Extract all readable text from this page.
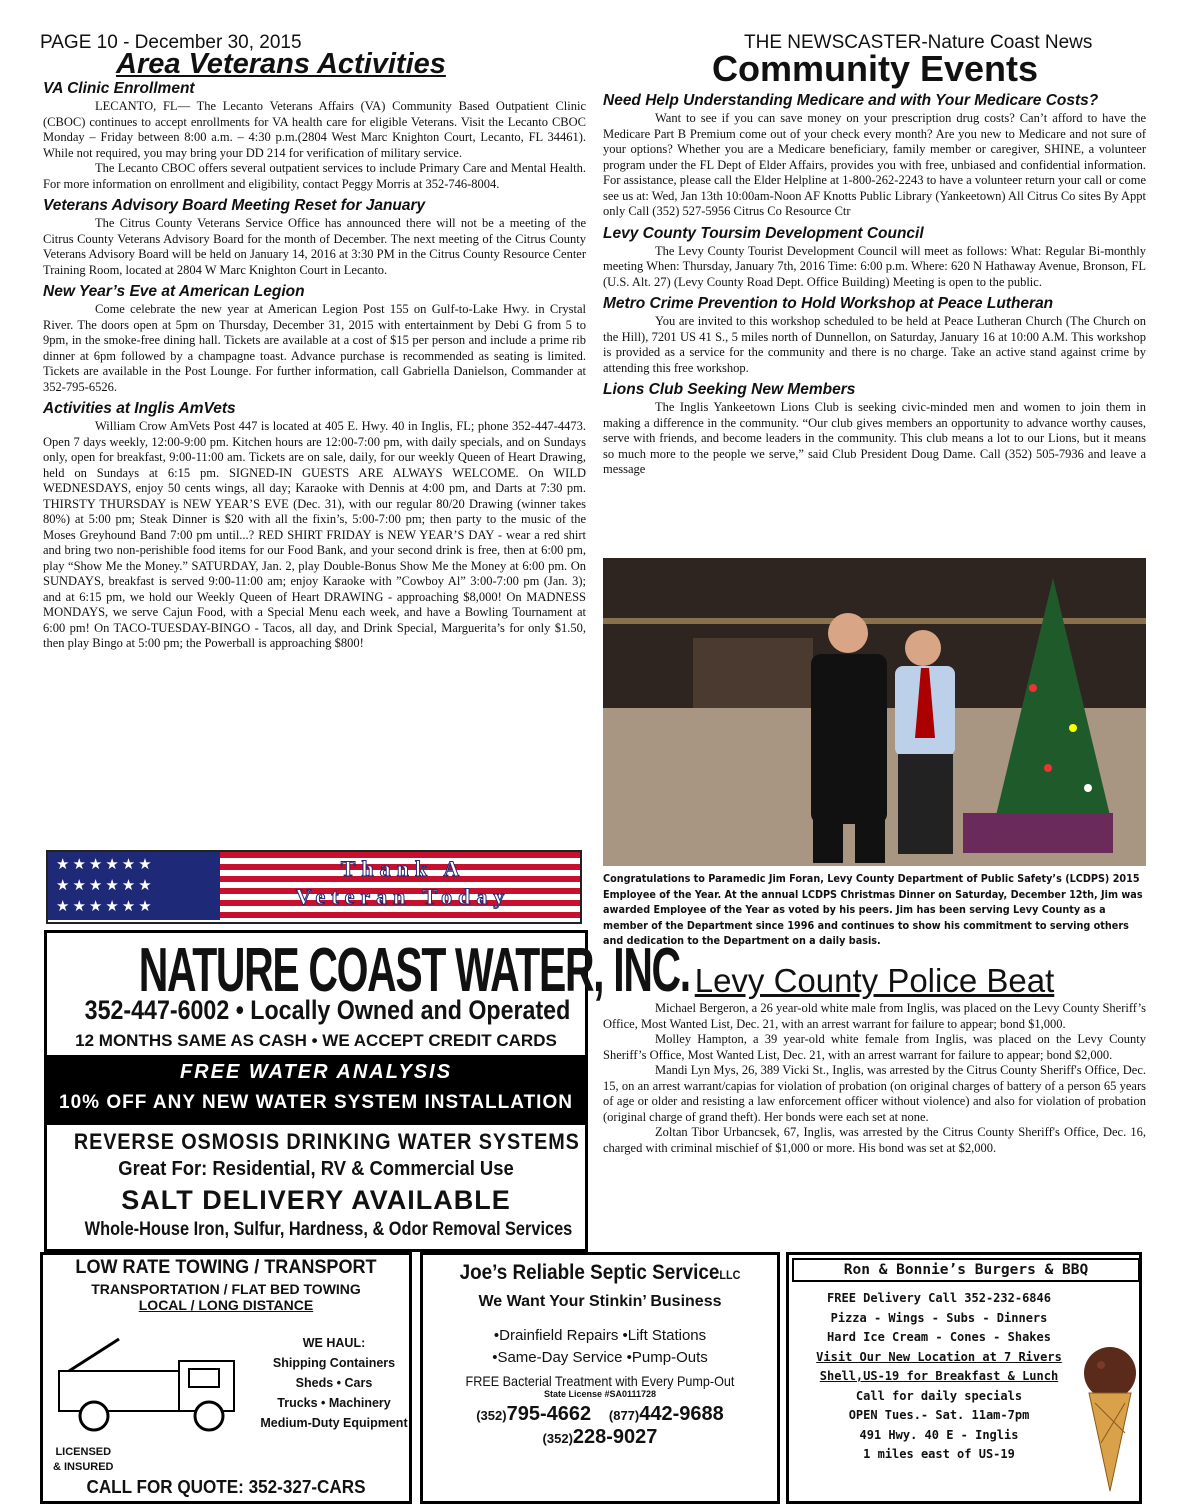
PAGE 10 - December 30, 2015	THE NEWSCASTER-Nature Coast News
Area Veterans Activities
VA Clinic Enrollment

LECANTO, FL— The Lecanto Veterans Affairs (VA) Community Based Outpatient Clinic (CBOC) continues to accept enrollments for VA health care for eligible Veterans. Visit the Lecanto CBOC Monday – Friday between 8:00 a.m. – 4:30 p.m.(2804 West Marc Knighton Court, Lecanto, FL 34461). While not required, you may bring your DD 214 for verification of military service.

The Lecanto CBOC offers several outpatient services to include Primary Care and Mental Health. For more information on enrollment and eligibility, contact Peggy Morris at 352-746-8004.

Veterans Advisory Board Meeting Reset for January

The Citrus County Veterans Service Office has announced there will not be a meeting of the Citrus County Veterans Advisory Board for the month of December. The next meeting of the Citrus County Veterans Advisory Board will be held on January 14, 2016 at 3:30 PM in the Citrus County Resource Center Training Room, located at 2804 W Marc Knighton Court in Lecanto.

New Year’s Eve at American Legion

Come celebrate the new year at American Legion Post 155 on Gulf-to-Lake Hwy. in Crystal River. The doors open at 5pm on Thursday, December 31, 2015 with entertainment by Debi G from 5 to 9pm, in the smoke-free dining hall. Tickets are available at a cost of $15 per person and include a prime rib dinner at 6pm followed by a champagne toast. Advance purchase is recommended as seating is limited. Tickets are available in the Post Lounge. For further information, call Gabriella Danielson, Commander at 352-795-6526.

Activities at Inglis AmVets

William Crow AmVets Post 447 is located at 405 E. Hwy. 40 in Inglis, FL; phone 352-447-4473. Open 7 days weekly, 12:00-9:00 pm. Kitchen hours are 12:00-7:00 pm, with daily specials, and on Sundays only, open for breakfast, 9:00-11:00 am. Tickets are on sale, daily, for our weekly Queen of Heart Drawing, held on Sundays at 6:15 pm. SIGNED-IN GUESTS ARE ALWAYS WELCOME. On WILD WEDNESDAYS, enjoy 50 cents wings, all day; Karaoke with Dennis at 4:00 pm, and Darts at 7:30 pm. THIRSTY THURSDAY is NEW YEAR’S EVE (Dec. 31), with our regular 80/20 Drawing (winner takes 80%) at 5:00 pm; Steak Dinner is $20 with all the fixin’s, 5:00-7:00 pm; then party to the music of the Moses Greyhound Band 7:00 pm until...? RED SHIRT FRIDAY is NEW YEAR’S DAY - wear a red shirt and bring two non-perishible food items for our Food Bank, and your second drink is free, then at 6:00 pm, play “Show Me the Money.” SATURDAY, Jan. 2, play Double-Bonus Show Me the Money at 6:00 pm. On SUNDAYS, breakfast is served 9:00-11:00 am; enjoy Karaoke with ”Cowboy Al” 3:00-7:00 pm (Jan. 3); and at 6:15 pm, we hold our Weekly Queen of Heart DRAWING - approaching $8,000! On MADNESS MONDAYS, we serve Cajun Food, with a Special Menu each week, and have a Bowling Tournament at 6:00 pm! On TACO-TUESDAY-BINGO - Tacos, all day, and Drink Special, Marguerita’s for only $1.50, then play Bingo at 5:00 pm; the Powerball is approaching $800!

Community Events
Need Help Understanding Medicare and with Your Medicare Costs?

Want to see if you can save money on your prescription drug costs? Can’t afford to have the Medicare Part B Premium come out of your check every month? Are you new to Medicare and not sure of your options? Whether you are a Medicare beneficiary, family member or caregiver, SHINE, a volunteer program under the FL Dept of Elder Affairs, provides you with free, unbiased and confidential information. For assistance, please call the Elder Helpline at 1-800-262-2243 to have a volunteer return your call or come see us at: Wed, Jan 13th 10:00am-Noon AF Knotts Public Library (Yankeetown) All Citrus Co sites By Appt only Call (352) 527-5956 Citrus Co Resource Ctr

Levy County Toursim Development Council

The Levy County Tourist Development Council will meet as follows: What: Regular Bi-monthly meeting When: Thursday, January 7th, 2016 Time: 6:00 p.m. Where: 620 N Hathaway Avenue, Bronson, FL (U.S. Alt. 27) (Levy County Road Dept. Office Building) Meeting is open to the public.

Metro Crime Prevention to Hold Workshop at Peace Lutheran

You are invited to this workshop scheduled to be held at Peace Lutheran Church (The Church on the Hill), 7201 US 41 S., 5 miles north of Dunnellon, on Saturday, January 16 at 10:00 A.M. This workshop is provided as a service for the community and there is no charge. Take an active stand against crime by attending this free workshop.

Lions Club Seeking New Members

The Inglis Yankeetown Lions Club is seeking civic-minded men and women to join them in making a difference in the community. “Our club gives members an opportunity to advance worthy causes, serve with friends, and become leaders in the community. This club means a lot to our Lions, but it means so much more to the people we serve,” said Club President Doug Dame. Call (352) 505-7936 and leave a message

Congratulations to Paramedic Jim Foran, Levy County Department of Public Safety’s (LCDPS) 2015 Employee of the Year. At the annual LCDPS Christmas Dinner on Saturday, December 12th, Jim was awarded Employee of the Year as voted by his peers. Jim has been serving Levy County as a member of the Department since 1996 and continues to show his commitment to serving others and dedication to the Department on a daily basis.
Levy County Police Beat

Michael Bergeron, a 26 year-old white male from Inglis, was placed on the Levy County Sheriff’s Office, Most Wanted List, Dec. 21, with an arrest warrant for failure to appear; bond $1,000.

Molley Hampton, a 39 year-old white female from Inglis, was placed on the Levy County Sheriff’s Office, Most Wanted List, Dec. 21, with an arrest warrant for failure to appear; bond $2,000.

Mandi Lyn Mys, 26, 389 Vicki St., Inglis, was arrested by the Citrus County Sheriff's Office, Dec. 15, on an arrest warrant/capias for violation of probation (on original charges of battery of a person 65 years of age or older and resisting a law enforcement officer without violence) and also for violation of probation (original charge of grand theft). Her bonds were each set at none.

Zoltan Tibor Urbancsek, 67, Inglis, was arrested by the Citrus County Sheriff's Office, Dec. 16, charged with criminal mischief of $1,000 or more. His bond was set at $2,000.

★★★★★★
★★★★★★
★★★★★★
Thank A
Veteran Today
NATURE COAST WATER, INC.
352-447-6002 • Locally Owned and Operated
12 MONTHS SAME AS CASH • WE ACCEPT CREDIT CARDS
FREE WATER ANALYSIS
10% OFF ANY NEW WATER SYSTEM INSTALLATION
REVERSE OSMOSIS DRINKING WATER SYSTEMS
Great For: Residential, RV & Commercial Use
SALT DELIVERY AVAILABLE
Whole-House Iron, Sulfur, Hardness, & Odor Removal Services
LOW RATE TOWING / TRANSPORT
TRANSPORTATION / FLAT BED TOWING
LOCAL / LONG DISTANCE
WE HAUL:
Shipping Containers
Sheds • Cars
Trucks • Machinery
Medium-Duty Equipment
LICENSED
& INSURED
CALL FOR QUOTE: 352-327-CARS
Joe’s Reliable Septic ServiceLLC
We Want Your Stinkin’ Business
•Drainfield Repairs •Lift Stations
•Same-Day Service •Pump-Outs
FREE Bacterial Treatment with Every Pump-Out
State License #SA0111728
(352)795-4662 (877)442-9688
(352)228-9027
Ron & Bonnie’s Burgers & BBQ
FREE Delivery Call 352-232-6846
Pizza - Wings - Subs - Dinners
Hard Ice Cream - Cones - Shakes
Visit Our New Location at 7 Rivers
Shell,US-19 for Breakfast & Lunch
Call for daily specials
OPEN Tues.- Sat. 11am-7pm
491 Hwy. 40 E - Inglis
1 miles east of US-19
